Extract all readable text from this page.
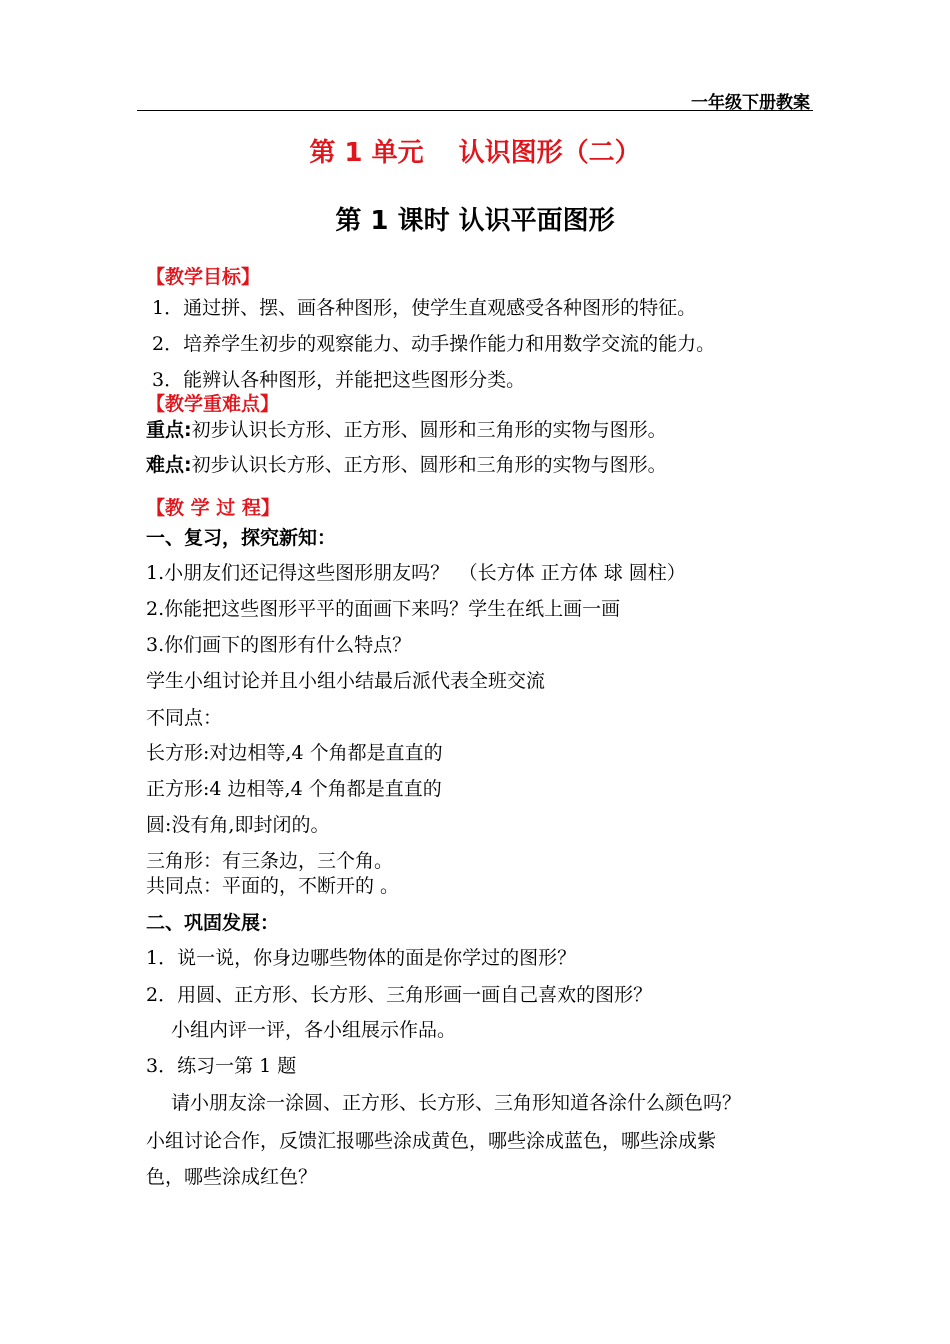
一年级下册教案
第 1 单元　 认识图形（二）
第 1 课时 认识平面图形
【教学目标】
1．通过拼、摆、画各种图形，使学生直观感受各种图形的特征。
2．培养学生初步的观察能力、动手操作能力和用数学交流的能力。
3．能辨认各种图形，并能把这些图形分类。
【教学重难点】
重点:初步认识长方形、正方形、圆形和三角形的实物与图形。
难点:初步认识长方形、正方形、圆形和三角形的实物与图形。
【教 学 过 程】
一、复习，探究新知：
1.小朋友们还记得这些图形朋友吗？　（长方体 正方体 球 圆柱）
2.你能把这些图形平平的面画下来吗？学生在纸上画一画
3.你们画下的图形有什么特点？
学生小组讨论并且小组小结最后派代表全班交流
不同点：
长方形:对边相等,4 个角都是直直的
正方形:4 边相等,4 个角都是直直的
圆:没有角,即封闭的。
三角形：有三条边，三个角。
共同点：平面的，不断开的 。
二、巩固发展：
1．说一说，你身边哪些物体的面是你学过的图形？
2．用圆、正方形、长方形、三角形画一画自己喜欢的图形？
　 小组内评一评，各小组展示作品。
3．练习一第 1 题
　 请小朋友涂一涂圆、正方形、长方形、三角形知道各涂什么颜色吗？
小组讨论合作，反馈汇报哪些涂成黄色，哪些涂成蓝色，哪些涂成紫
色，哪些涂成红色？
